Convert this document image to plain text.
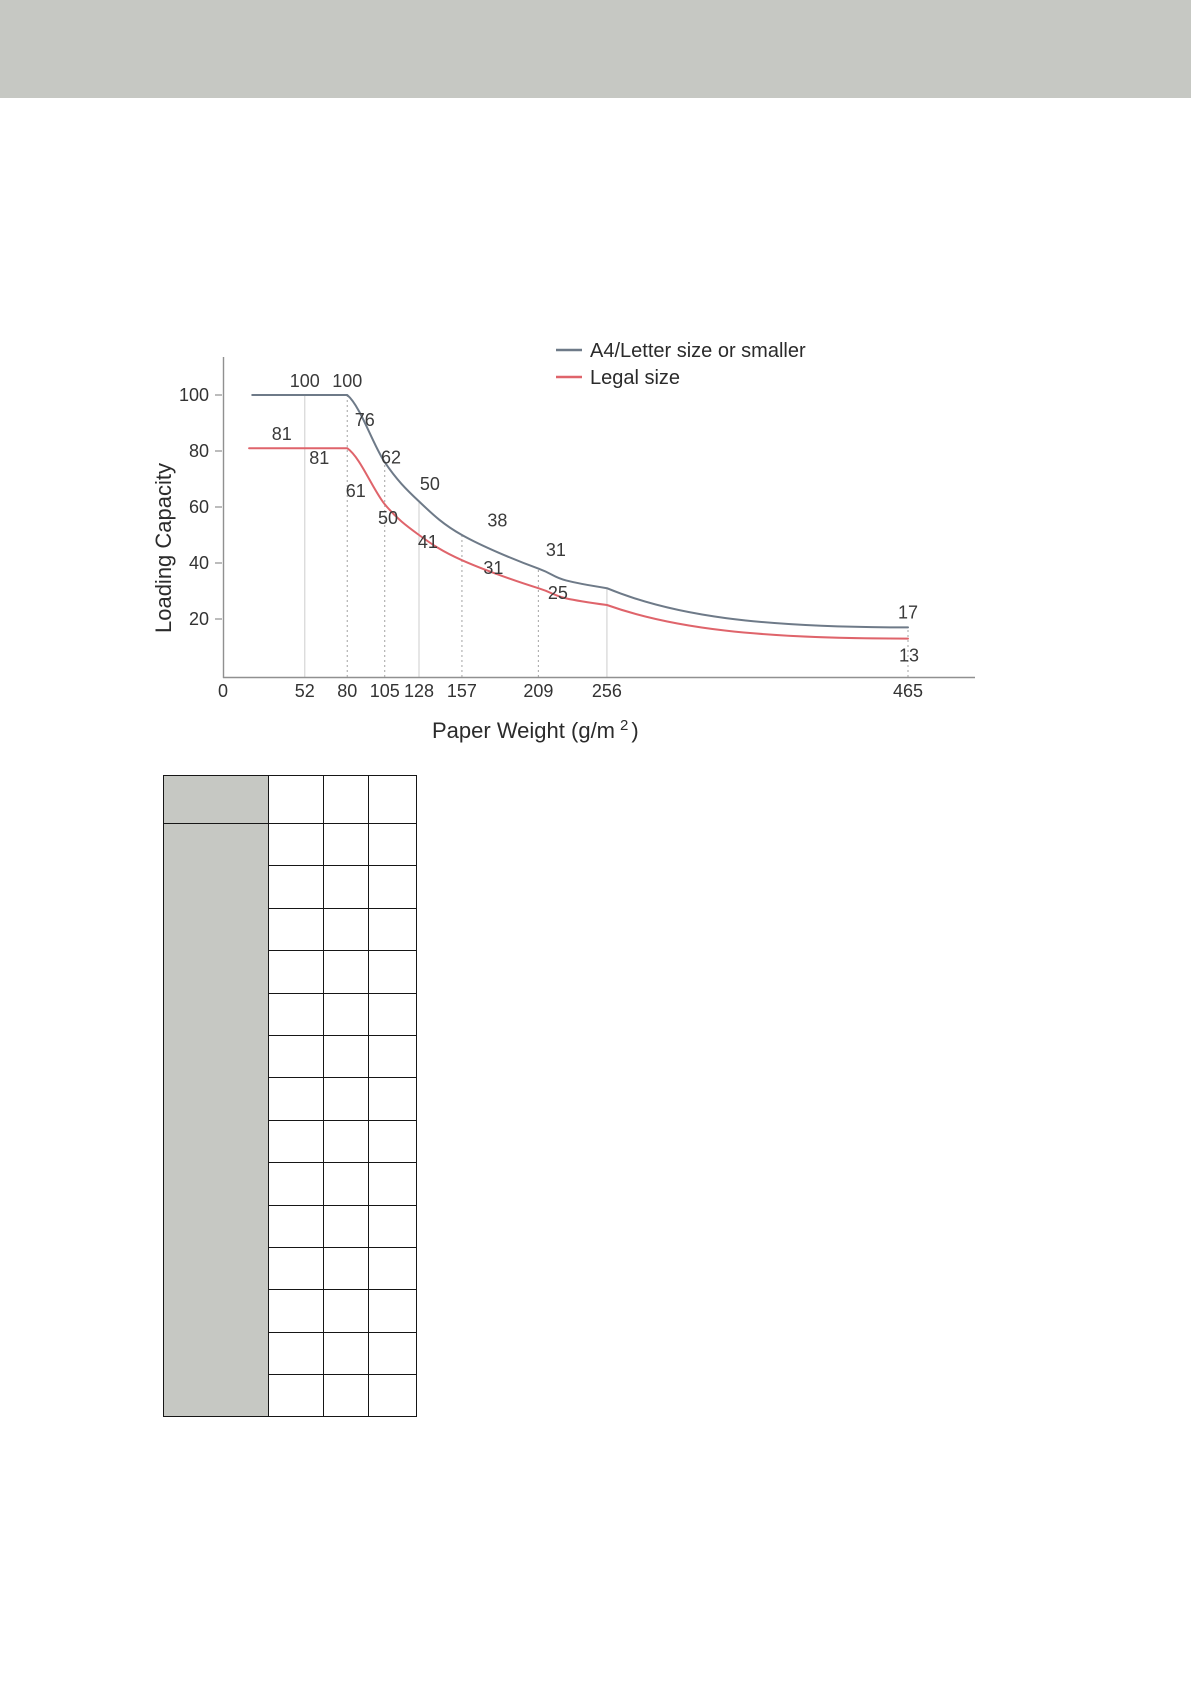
Loading Capacity
Paper Weight (g/m $^2$ )
100 100
76
62
50
38
31
17
81
81
61
50
41
31
25
13
0	52 80 105 128 157	209 256	465
20
40
60
80
100
A4/Letter size or smaller
Legal size
